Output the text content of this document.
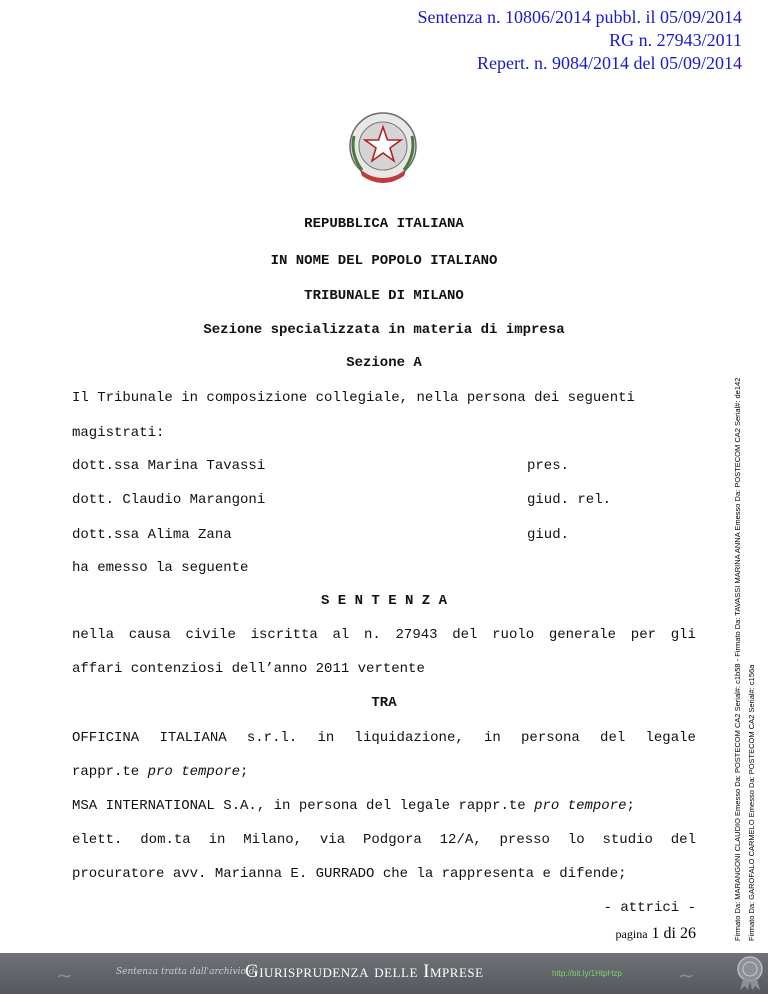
Sentenza n. 10806/2014 pubbl. il 05/09/2014
RG n. 27943/2011
Repert. n. 9084/2014 del 05/09/2014
REPUBBLICA ITALIANA
IN NOME DEL POPOLO ITALIANO
TRIBUNALE DI MILANO
Sezione specializzata in materia di impresa
Sezione A
Il Tribunale in composizione collegiale, nella persona dei seguenti
magistrati:
dott.ssa Marina Tavassi	pres.
dott. Claudio Marangoni	giud. rel.
dott.ssa Alima Zana	giud.
ha emesso la seguente
S E N T E N Z A
nella causa civile iscritta al n. 27943 del ruolo generale per gli
affari contenziosi dell’anno 2011 vertente
TRA
OFFICINA ITALIANA s.r.l. in liquidazione, in persona del legale
rappr.te pro tempore;
MSA INTERNATIONAL S.A., in persona del legale rappr.te pro tempore;
elett. dom.ta in Milano, via Podgora 12/A, presso lo studio del
procuratore avv. Marianna E. GURRADO che la rappresenta e difende;
- attrici -
pagina 1 di 26	Firmato Da: MARANGONI CLAUDIO Emesso Da: POSTECOM CA2 Serial#: c1b58 - Firmato Da: TAVASSI MARINA ANNA Emesso Da: POSTECOM CA2 Serial#: de142 Firmato Da: GAROFALO CARMELO Emesso Da: POSTECOM CA2 Serial#: c156a
~	Sentenza tratta dall'archivio di
Giurisprudenza delle Imprese	http://bit.ly/1HtpHzp	~
